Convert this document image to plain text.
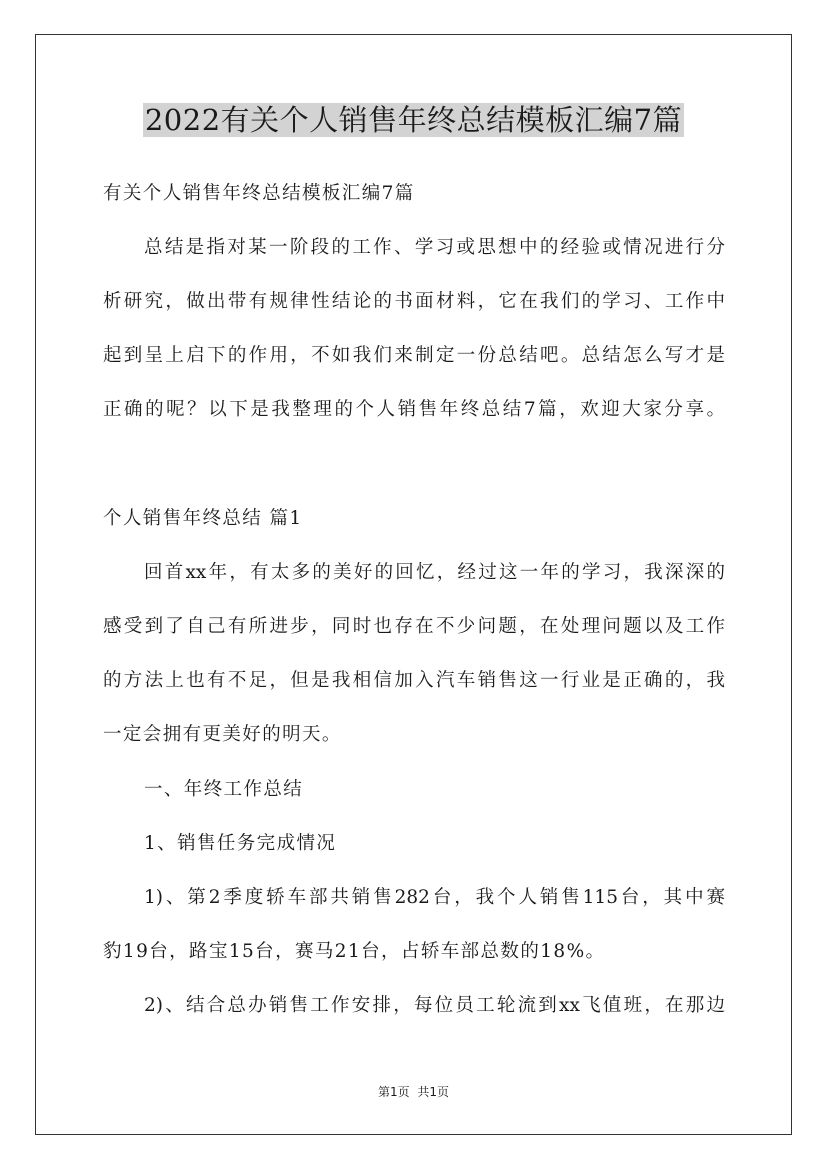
2022有关个人销售年终总结模板汇编7篇

有关个人销售年终总结模板汇编7篇

总结是指对某一阶段的工作、学习或思想中的经验或情况进行分

析研究，做出带有规律性结论的书面材料，它在我们的学习、工作中

起到呈上启下的作用，不如我们来制定一份总结吧。总结怎么写才是

正确的呢？以下是我整理的个人销售年终总结7篇，欢迎大家分享。

个人销售年终总结 篇1

回首xx年，有太多的美好的回忆，经过这一年的学习，我深深的

感受到了自己有所进步，同时也存在不少问题，在处理问题以及工作

的方法上也有不足，但是我相信加入汽车销售这一行业是正确的，我

一定会拥有更美好的明天。

一、年终工作总结

1、销售任务完成情况

1)、第2季度轿车部共销售282台，我个人销售115台，其中赛

豹19台，路宝15台，赛马21台，占轿车部总数的18%。

2)、结合总办销售工作安排，每位员工轮流到xx飞值班，在那边

第1页 共1页
